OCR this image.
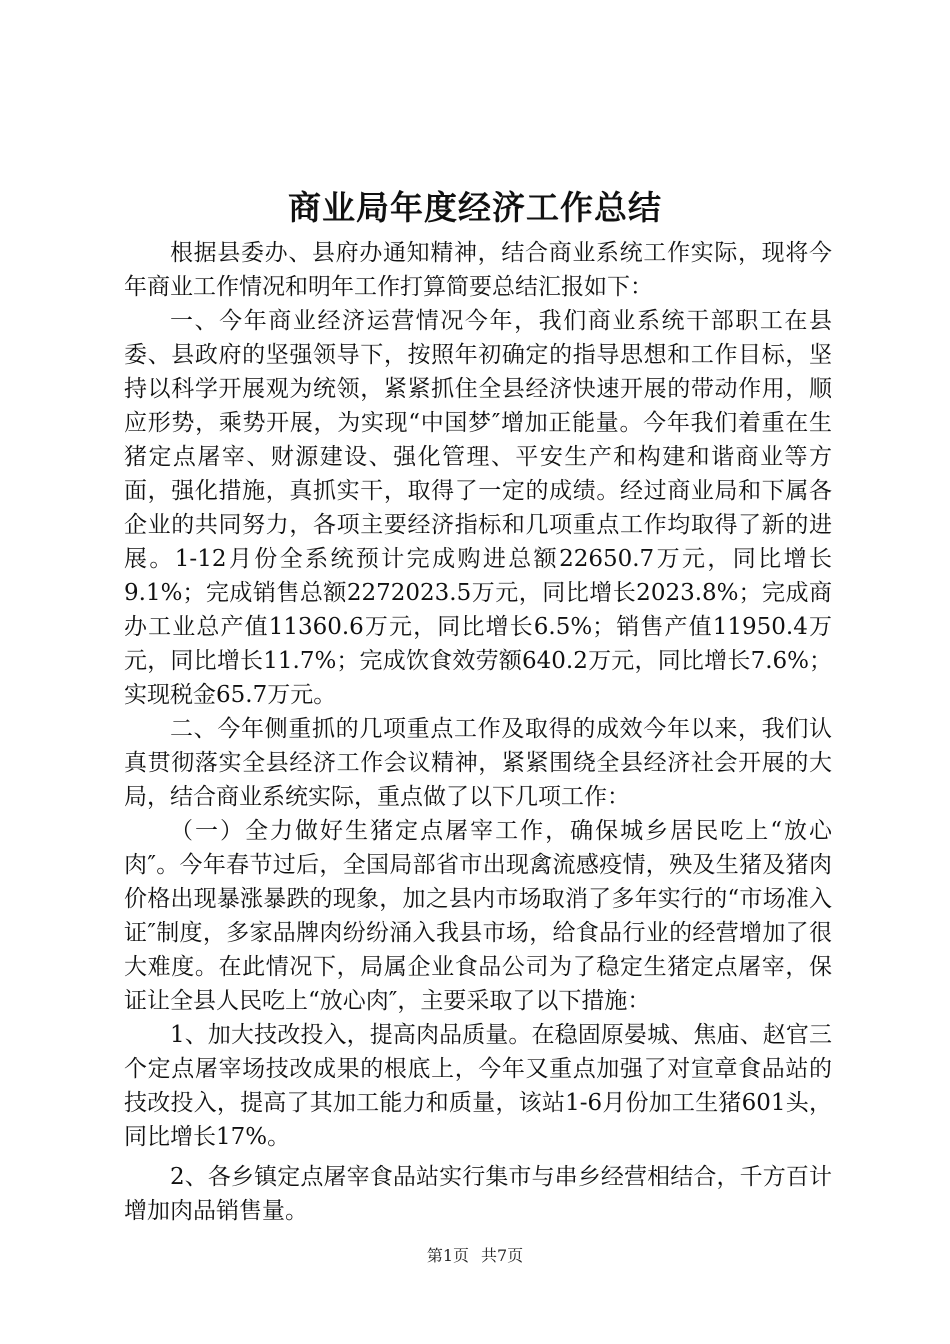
商业局年度经济工作总结

根据县委办、县府办通知精神，结合商业系统工作实际，现将今年商业工作情况和明年工作打算简要总结汇报如下：

一、今年商业经济运营情况今年，我们商业系统干部职工在县委、县政府的坚强领导下，按照年初确定的指导思想和工作目标，坚持以科学开展观为统领，紧紧抓住全县经济快速开展的带动作用，顺应形势，乘势开展，为实现“中国梦″增加正能量。今年我们着重在生猪定点屠宰、财源建设、强化管理、平安生产和构建和谐商业等方面，强化措施，真抓实干，取得了一定的成绩。经过商业局和下属各企业的共同努力，各项主要经济指标和几项重点工作均取得了新的进展。1-12月份全系统预计完成购进总额22650.7万元，同比增长9.1%；完成销售总额2272023.5万元，同比增长2023.8%；完成商办工业总产值11360.6万元，同比增长6.5%；销售产值11950.4万元，同比增长11.7%；完成饮食效劳额640.2万元，同比增长7.6%；实现税金65.7万元。

二、今年侧重抓的几项重点工作及取得的成效今年以来，我们认真贯彻落实全县经济工作会议精神，紧紧围绕全县经济社会开展的大局，结合商业系统实际，重点做了以下几项工作：

（一）全力做好生猪定点屠宰工作，确保城乡居民吃上“放心肉″。今年春节过后，全国局部省市出现禽流感疫情，殃及生猪及猪肉价格出现暴涨暴跌的现象，加之县内市场取消了多年实行的“市场准入证″制度，多家品牌肉纷纷涌入我县市场，给食品行业的经营增加了很大难度。在此情况下，局属企业食品公司为了稳定生猪定点屠宰，保证让全县人民吃上“放心肉″，主要采取了以下措施：

1、加大技改投入，提高肉品质量。在稳固原晏城、焦庙、赵官三个定点屠宰场技改成果的根底上，今年又重点加强了对宣章食品站的技改投入，提高了其加工能力和质量，该站1-6月份加工生猪601头，同比增长17%。

2、各乡镇定点屠宰食品站实行集市与串乡经营相结合，千方百计增加肉品销售量。

第1页 共7页
